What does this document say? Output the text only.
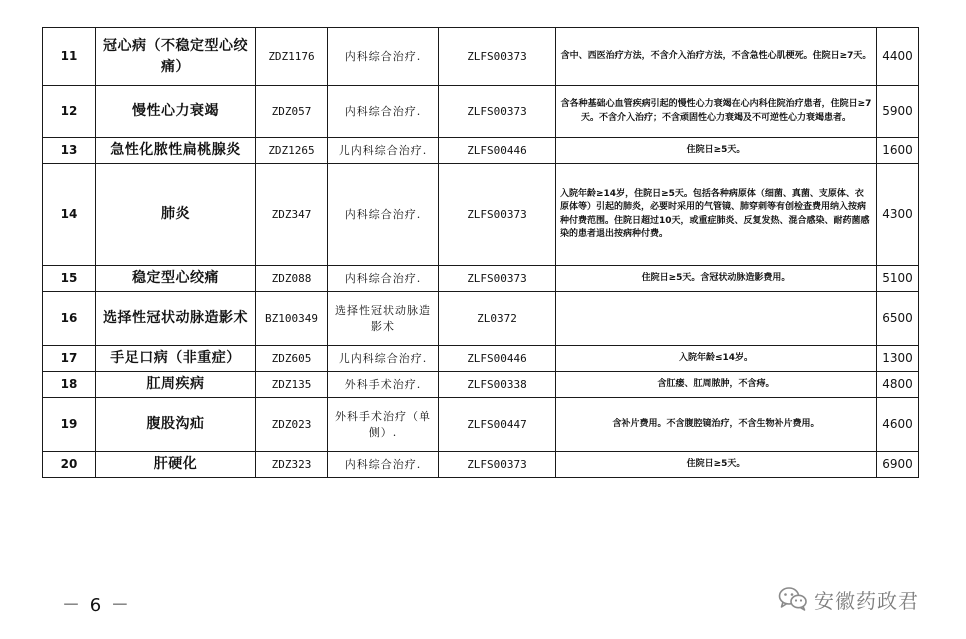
11	冠心病（不稳定型心绞痛）	ZDZ1176	内科综合治疗.	ZLFS00373	含中、西医治疗方法，不含介入治疗方法，不含急性心肌梗死。住院日≥7天。	4400
12	慢性心力衰竭	ZDZ057	内科综合治疗.	ZLFS00373	含各种基础心血管疾病引起的慢性心力衰竭在心内科住院治疗患者，住院日≥7天。不含介入治疗；不含顽固性心力衰竭及不可逆性心力衰竭患者。	5900
13	急性化脓性扁桃腺炎	ZDZ1265	儿内科综合治疗.	ZLFS00446	住院日≥5天。	1600
14	肺炎	ZDZ347	内科综合治疗.	ZLFS00373	入院年龄≥14岁，住院日≥5天。包括各种病原体（细菌、真菌、支原体、衣原体等）引起的肺炎，必要时采用的气管镜、肺穿刺等有创检查费用纳入按病种付费范围。住院日超过10天，或重症肺炎、反复发热、混合感染、耐药菌感染的患者退出按病种付费。	4300
15	稳定型心绞痛	ZDZ088	内科综合治疗.	ZLFS00373	住院日≥5天。含冠状动脉造影费用。	5100
16	选择性冠状动脉造影术	BZ100349	选择性冠状动脉造影术	ZL0372		6500
17	手足口病（非重症）	ZDZ605	儿内科综合治疗.	ZLFS00446	入院年龄≤14岁。	1300
18	肛周疾病	ZDZ135	外科手术治疗.	ZLFS00338	含肛瘘、肛周脓肿，不含痔。	4800
19	腹股沟疝	ZDZ023	外科手术治疗（单侧）.	ZLFS00447	含补片费用。不含腹腔镜治疗，不含生物补片费用。	4600
20	肝硬化	ZDZ323	内科综合治疗.	ZLFS00373	住院日≥5天。	6900
－ 6 －	安徽药政君
